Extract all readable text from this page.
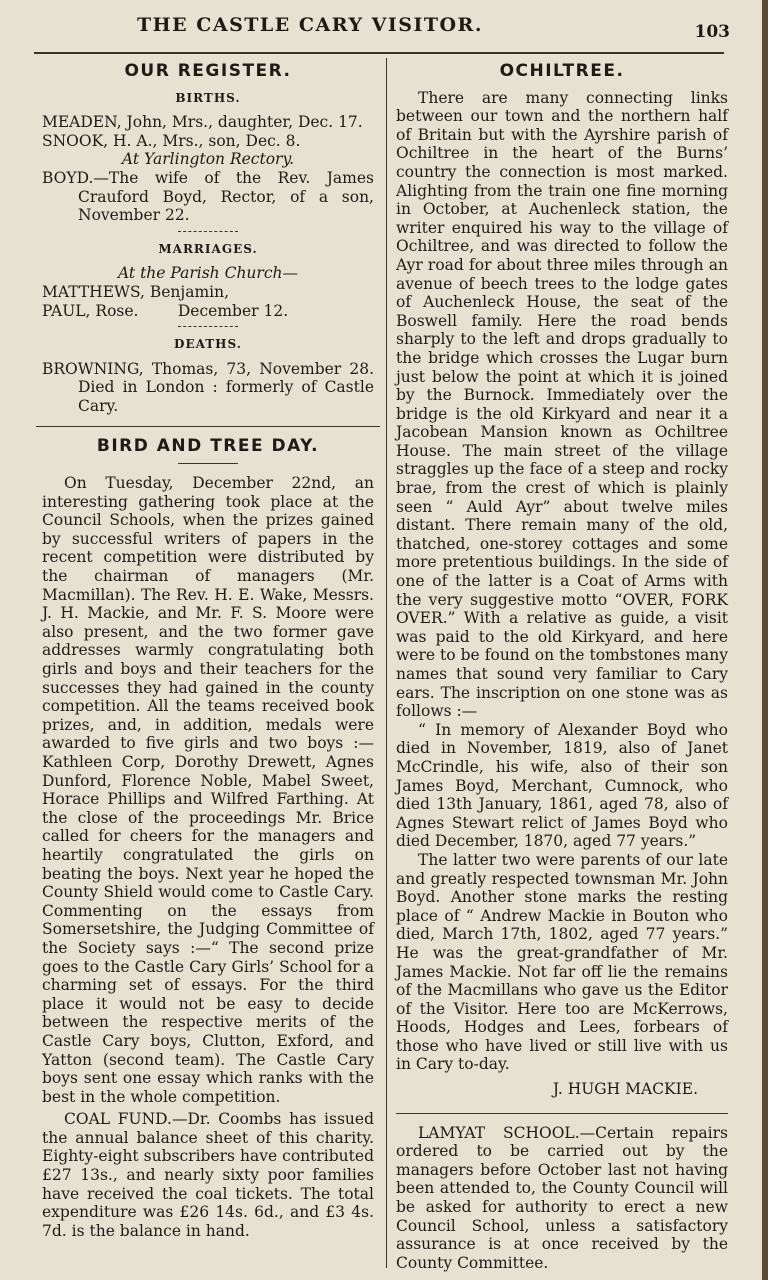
THE CASTLE CARY VISITOR.	103
OUR REGISTER.
BIRTHS.

MEADEN, John, Mrs., daughter, Dec. 17.

SNOOK, H. A., Mrs., son, Dec. 8.

At Yarlington Rectory.

BOYD.—The wife of the Rev. James Crauford Boyd, Rector, of a son, November 22.

MARRIAGES.

At the Parish Church—

MATTHEWS, Benjamin,

PAUL, Rose.        December 12.

DEATHS.

BROWNING, Thomas, 73, November 28. Died in London : formerly of Castle Cary.

BIRD AND TREE DAY.

On Tuesday, December 22nd, an interesting gathering took place at the Council Schools, when the prizes gained by successful writers of papers in the recent competition were distributed by the chairman of managers (Mr. Macmillan). The Rev. H. E. Wake, Messrs. J. H. Mackie, and Mr. F. S. Moore were also present, and the two former gave addresses warmly congratulating both girls and boys and their teachers for the successes they had gained in the county competition. All the teams received book prizes, and, in addition, medals were awarded to five girls and two boys :—Kathleen Corp, Dorothy Drewett, Agnes Dunford, Florence Noble, Mabel Sweet, Horace Phillips and Wilfred Farthing. At the close of the proceedings Mr. Brice called for cheers for the managers and heartily congratulated the girls on beating the boys. Next year he hoped the County Shield would come to Castle Cary. Commenting on the essays from Somersetshire, the Judging Committee of the Society says :—“ The second prize goes to the Castle Cary Girls’ School for a charming set of essays. For the third place it would not be easy to decide between the respective merits of the Castle Cary boys, Clutton, Exford, and Yatton (second team). The Castle Cary boys sent one essay which ranks with the best in the whole competition.

COAL FUND.—Dr. Coombs has issued the annual balance sheet of this charity. Eighty-eight subscribers have contributed £27 13s., and nearly sixty poor families have received the coal tickets. The total expenditure was £26 14s. 6d., and £3 4s. 7d. is the balance in hand.

OCHILTREE.

There are many connecting links between our town and the northern half of Britain but with the Ayrshire parish of Ochiltree in the heart of the Burns’ country the connection is most marked. Alighting from the train one fine morning in October, at Auchenleck station, the writer enquired his way to the village of Ochiltree, and was directed to follow the Ayr road for about three miles through an avenue of beech trees to the lodge gates of Auchenleck House, the seat of the Boswell family. Here the road bends sharply to the left and drops gradually to the bridge which crosses the Lugar burn just below the point at which it is joined by the Burnock. Immediately over the bridge is the old Kirkyard and near it a Jacobean Mansion known as Ochiltree House. The main street of the village straggles up the face of a steep and rocky brae, from the crest of which is plainly seen “ Auld Ayr” about twelve miles distant. There remain many of the old, thatched, one-storey cottages and some more pretentious buildings. In the side of one of the latter is a Coat of Arms with the very suggestive motto “OVER, FORK OVER.” With a relative as guide, a visit was paid to the old Kirkyard, and here were to be found on the tombstones many names that sound very familiar to Cary ears. The inscription on one stone was as follows :—

“ In memory of Alexander Boyd who died in November, 1819, also of Janet McCrindle, his wife, also of their son James Boyd, Merchant, Cumnock, who died 13th January, 1861, aged 78, also of Agnes Stewart relict of James Boyd who died December, 1870, aged 77 years.”

The latter two were parents of our late and greatly respected townsman Mr. John Boyd. Another stone marks the resting place of “ Andrew Mackie in Bouton who died, March 17th, 1802, aged 77 years.” He was the great-grandfather of Mr. James Mackie. Not far off lie the remains of the Macmillans who gave us the Editor of the Visitor. Here too are McKerrows, Hoods, Hodges and Lees, forbears of those who have lived or still live with us in Cary to-day.

J. HUGH MACKIE.

LAMYAT SCHOOL.—Certain repairs ordered to be carried out by the managers before October last not having been attended to, the County Council will be asked for authority to erect a new Council School, unless a satisfactory assurance is at once received by the County Committee.
